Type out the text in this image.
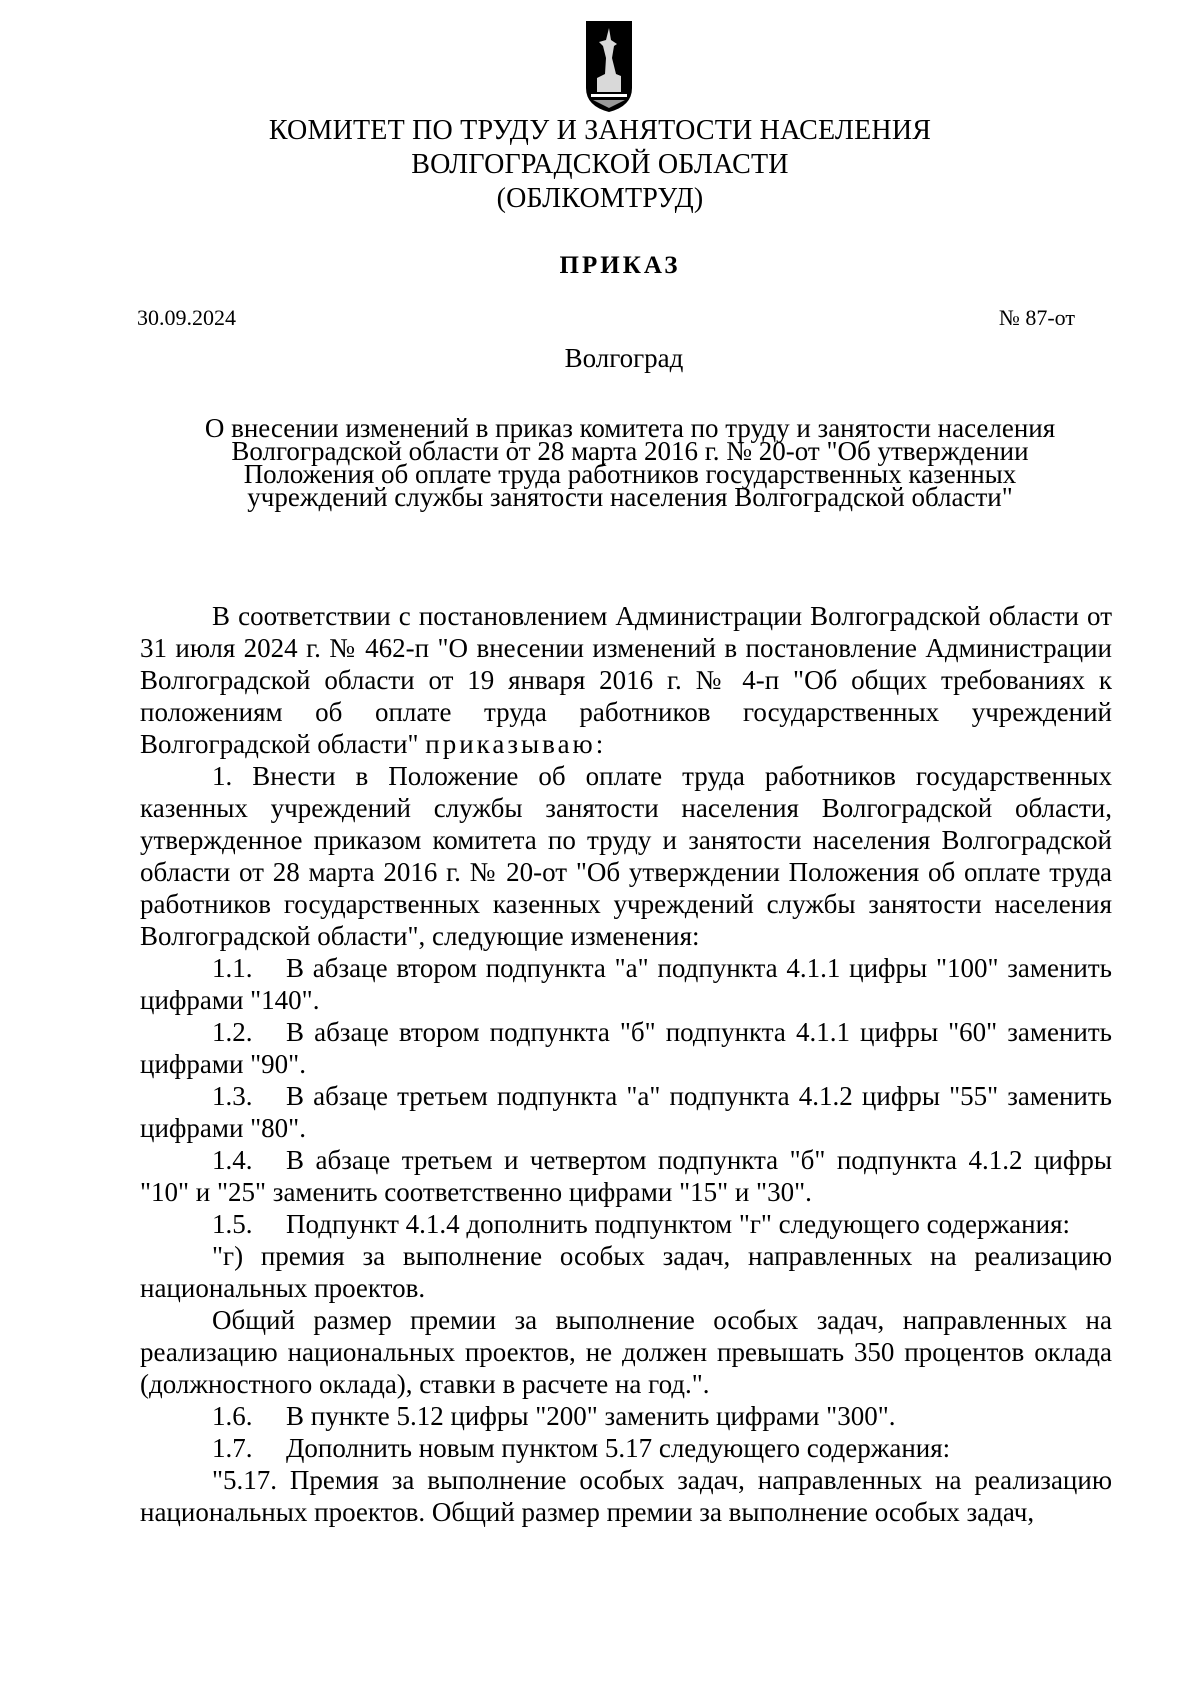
КОМИТЕТ ПО ТРУДУ И ЗАНЯТОСТИ НАСЕЛЕНИЯ
ВОЛГОГРАДСКОЙ ОБЛАСТИ
(ОБЛКОМТРУД)
ПРИКАЗ
30.09.2024	№ 87-от
Волгоград
О внесении изменений в приказ комитета по труду и занятости населения
Волгоградской области от 28 марта 2016 г. № 20-от "Об утверждении
Положения об оплате труда работников государственных казенных
учреждений службы занятости населения Волгоградской области"

В соответствии с постановлением Администрации Волгоградской области от 31 июля 2024 г. № 462-п "О внесении изменений в постановление Администрации Волгоградской области от 19 января 2016 г. № 4-п "Об общих требованиях к положениям об оплате труда работников государственных учреждений Волгоградской области" приказываю:

1. Внести в Положение об оплате труда работников государственных казенных учреждений службы занятости населения Волгоградской области, утвержденное приказом комитета по труду и занятости населения Волгоградской области от 28 марта 2016 г. № 20-от "Об утверждении Положения об оплате труда работников государственных казенных учреждений службы занятости населения Волгоградской области", следующие изменения:

1.1. В абзаце втором подпункта "а" подпункта 4.1.1 цифры "100" заменить цифрами "140".

1.2. В абзаце втором подпункта "б" подпункта 4.1.1 цифры "60" заменить цифрами "90".

1.3. В абзаце третьем подпункта "а" подпункта 4.1.2 цифры "55" заменить цифрами "80".

1.4. В абзаце третьем и четвертом подпункта "б" подпункта 4.1.2 цифры "10" и "25" заменить соответственно цифрами "15" и "30".

1.5. Подпункт 4.1.4 дополнить подпунктом "г" следующего содержания:

"г) премия за выполнение особых задач, направленных на реализацию национальных проектов.

Общий размер премии за выполнение особых задач, направленных на реализацию национальных проектов, не должен превышать 350 процентов оклада (должностного оклада), ставки в расчете на год.".

1.6. В пункте 5.12 цифры "200" заменить цифрами "300".

1.7. Дополнить новым пунктом 5.17 следующего содержания:

"5.17. Премия за выполнение особых задач, направленных на реализацию национальных проектов. Общий размер премии за выполнение особых задач,
